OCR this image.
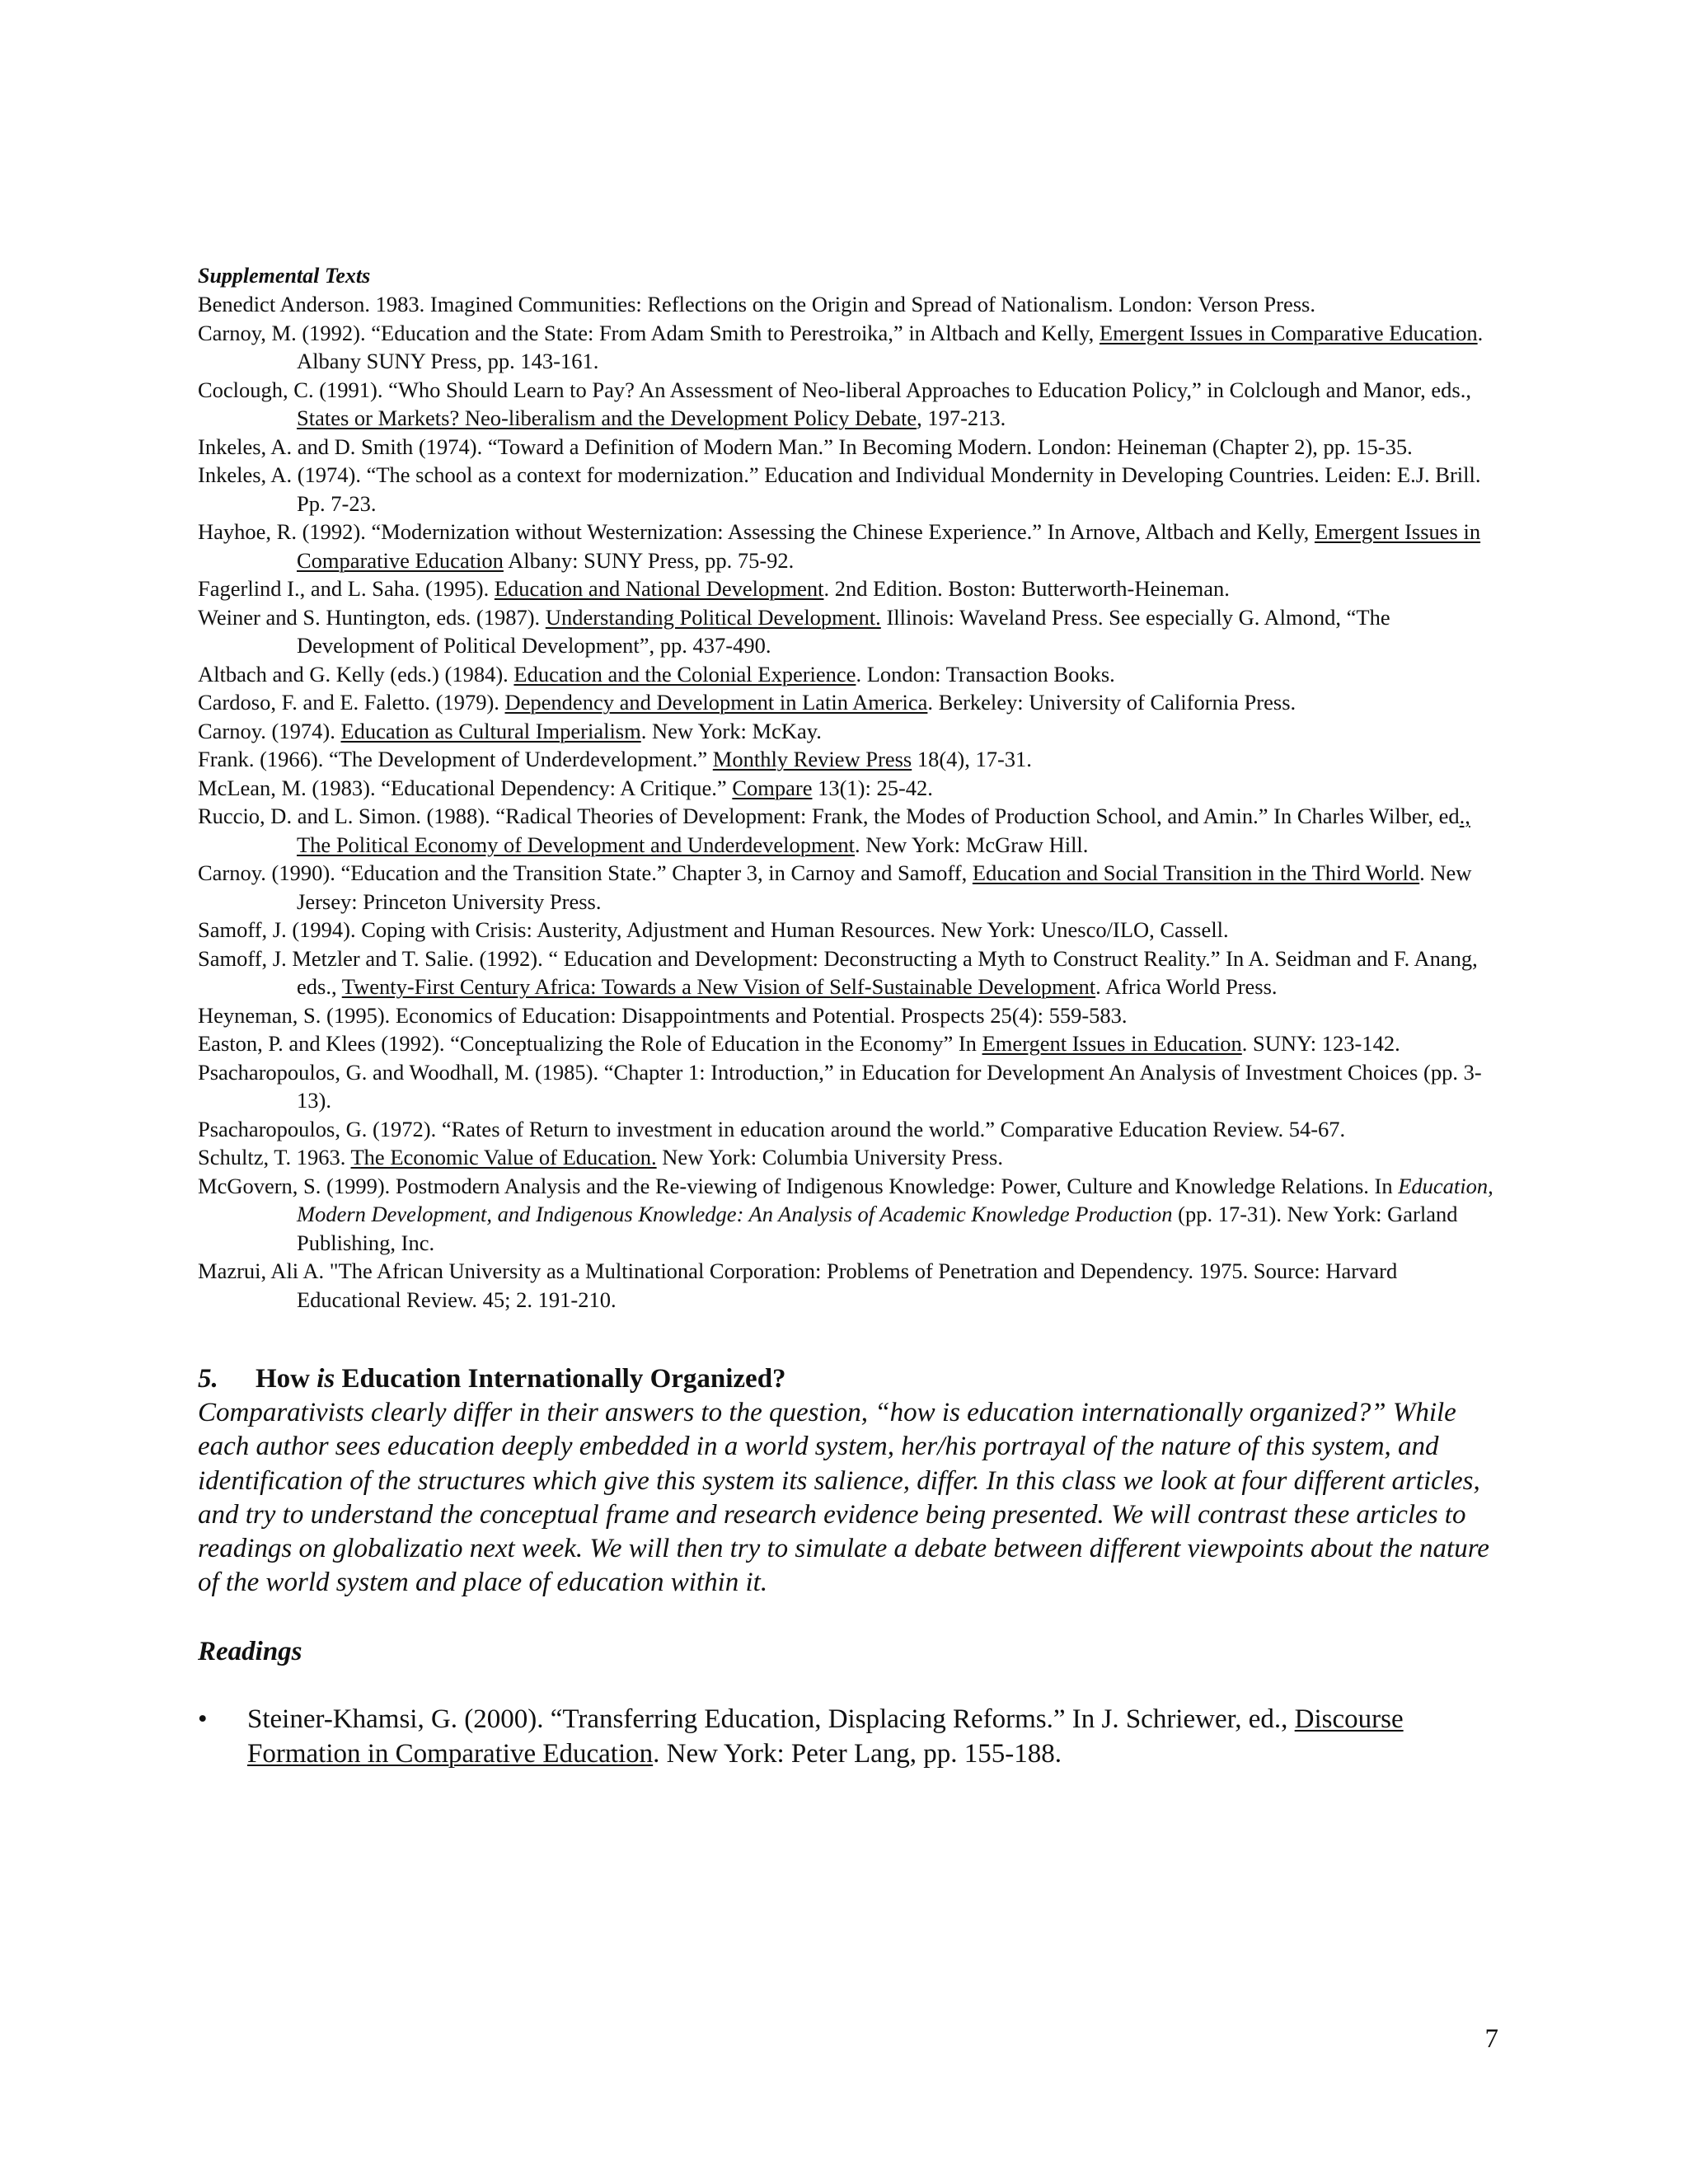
Supplemental Texts
Benedict Anderson. 1983. Imagined Communities: Reflections on the Origin and Spread of Nationalism. London: Verson Press.
Carnoy, M. (1992). “Education and the State: From Adam Smith to Perestroika,” in Altbach and Kelly, Emergent Issues in Comparative Education. Albany SUNY Press, pp. 143-161.
Coclough, C. (1991). “Who Should Learn to Pay? An Assessment of Neo-liberal Approaches to Education Policy,” in Colclough and Manor, eds., States or Markets? Neo-liberalism and the Development Policy Debate, 197-213.
Inkeles, A. and D. Smith (1974). “Toward a Definition of Modern Man.” In Becoming Modern. London: Heineman (Chapter 2), pp. 15-35.
Inkeles, A. (1974). “The school as a context for modernization.” Education and Individual Mondernity in Developing Countries. Leiden: E.J. Brill. Pp. 7-23.
Hayhoe, R. (1992). “Modernization without Westernization: Assessing the Chinese Experience.” In Arnove, Altbach and Kelly, Emergent Issues in Comparative Education Albany: SUNY Press, pp. 75-92.
Fagerlind I., and L. Saha. (1995). Education and National Development. 2nd Edition. Boston: Butterworth-Heineman.
Weiner and S. Huntington, eds. (1987). Understanding Political Development. Illinois: Waveland Press. See especially G. Almond, “The Development of Political Development”, pp. 437-490.
Altbach and G. Kelly (eds.) (1984). Education and the Colonial Experience. London: Transaction Books.
Cardoso, F. and E. Faletto. (1979). Dependency and Development in Latin America. Berkeley: University of California Press.
Carnoy. (1974). Education as Cultural Imperialism. New York: McKay.
Frank. (1966). “The Development of Underdevelopment.” Monthly Review Press 18(4), 17-31.
McLean, M. (1983). “Educational Dependency: A Critique.” Compare 13(1): 25-42.
Ruccio, D. and L. Simon. (1988). “Radical Theories of Development: Frank, the Modes of Production School, and Amin.” In Charles Wilber, ed., The Political Economy of Development and Underdevelopment. New York: McGraw Hill.
Carnoy. (1990). “Education and the Transition State.” Chapter 3, in Carnoy and Samoff, Education and Social Transition in the Third World. New Jersey: Princeton University Press.
Samoff, J. (1994). Coping with Crisis: Austerity, Adjustment and Human Resources. New York: Unesco/ILO, Cassell.
Samoff, J. Metzler and T. Salie. (1992). “ Education and Development: Deconstructing a Myth to Construct Reality.” In A. Seidman and F. Anang, eds., Twenty-First Century Africa: Towards a New Vision of Self-Sustainable Development. Africa World Press.
Heyneman, S. (1995). Economics of Education: Disappointments and Potential. Prospects 25(4): 559-583.
Easton, P. and Klees (1992). “Conceptualizing the Role of Education in the Economy” In Emergent Issues in Education. SUNY: 123-142.
Psacharopoulos, G. and Woodhall, M. (1985). “Chapter 1: Introduction,” in Education for Development An Analysis of Investment Choices (pp. 3-13).
Psacharopoulos, G. (1972). “Rates of Return to investment in education around the world.” Comparative Education Review. 54-67.
Schultz, T. 1963. The Economic Value of Education. New York: Columbia University Press.
McGovern, S. (1999). Postmodern Analysis and the Re-viewing of Indigenous Knowledge: Power, Culture and Knowledge Relations. In Education, Modern Development, and Indigenous Knowledge: An Analysis of Academic Knowledge Production (pp. 17-31). New York: Garland Publishing, Inc.
Mazrui, Ali A. "The African University as a Multinational Corporation: Problems of Penetration and Dependency. 1975. Source: Harvard Educational Review. 45; 2. 191-210.
5. How is Education Internationally Organized?
Comparativists clearly differ in their answers to the question, “how is education internationally organized?” While each author sees education deeply embedded in a world system, her/his portrayal of the nature of this system, and identification of the structures which give this system its salience, differ. In this class we look at four different articles, and try to understand the conceptual frame and research evidence being presented. We will contrast these articles to readings on globalizatio next week. We will then try to simulate a debate between different viewpoints about the nature of the world system and place of education within it.
Readings
•	Steiner-Khamsi, G. (2000). “Transferring Education, Displacing Reforms.” In J. Schriewer, ed., Discourse Formation in Comparative Education. New York: Peter Lang, pp. 155-188.
7
